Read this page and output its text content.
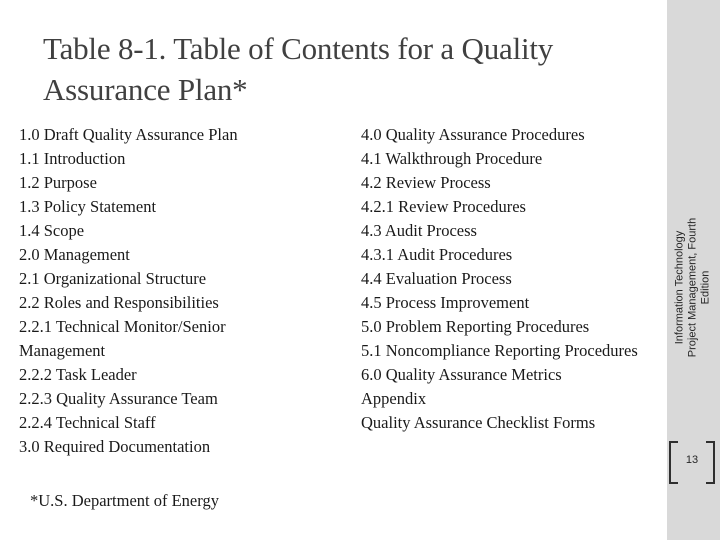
Table 8-1. Table of Contents for a Quality Assurance Plan*
1.0 Draft Quality Assurance Plan
1.1 Introduction
1.2 Purpose
1.3 Policy Statement
1.4 Scope
2.0 Management
2.1 Organizational Structure
2.2 Roles and Responsibilities
2.2.1 Technical Monitor/Senior
Management
2.2.2 Task Leader
2.2.3 Quality Assurance Team
2.2.4 Technical Staff
3.0 Required Documentation
4.0 Quality Assurance Procedures
4.1 Walkthrough Procedure
4.2 Review Process
4.2.1 Review Procedures
4.3 Audit Process
4.3.1 Audit Procedures
4.4 Evaluation Process
4.5 Process Improvement
5.0 Problem Reporting Procedures
5.1 Noncompliance Reporting Procedures
6.0 Quality Assurance Metrics
Appendix
Quality Assurance Checklist Forms
*U.S. Department of Energy
Information Technology Project Management, Fourth Edition
13
